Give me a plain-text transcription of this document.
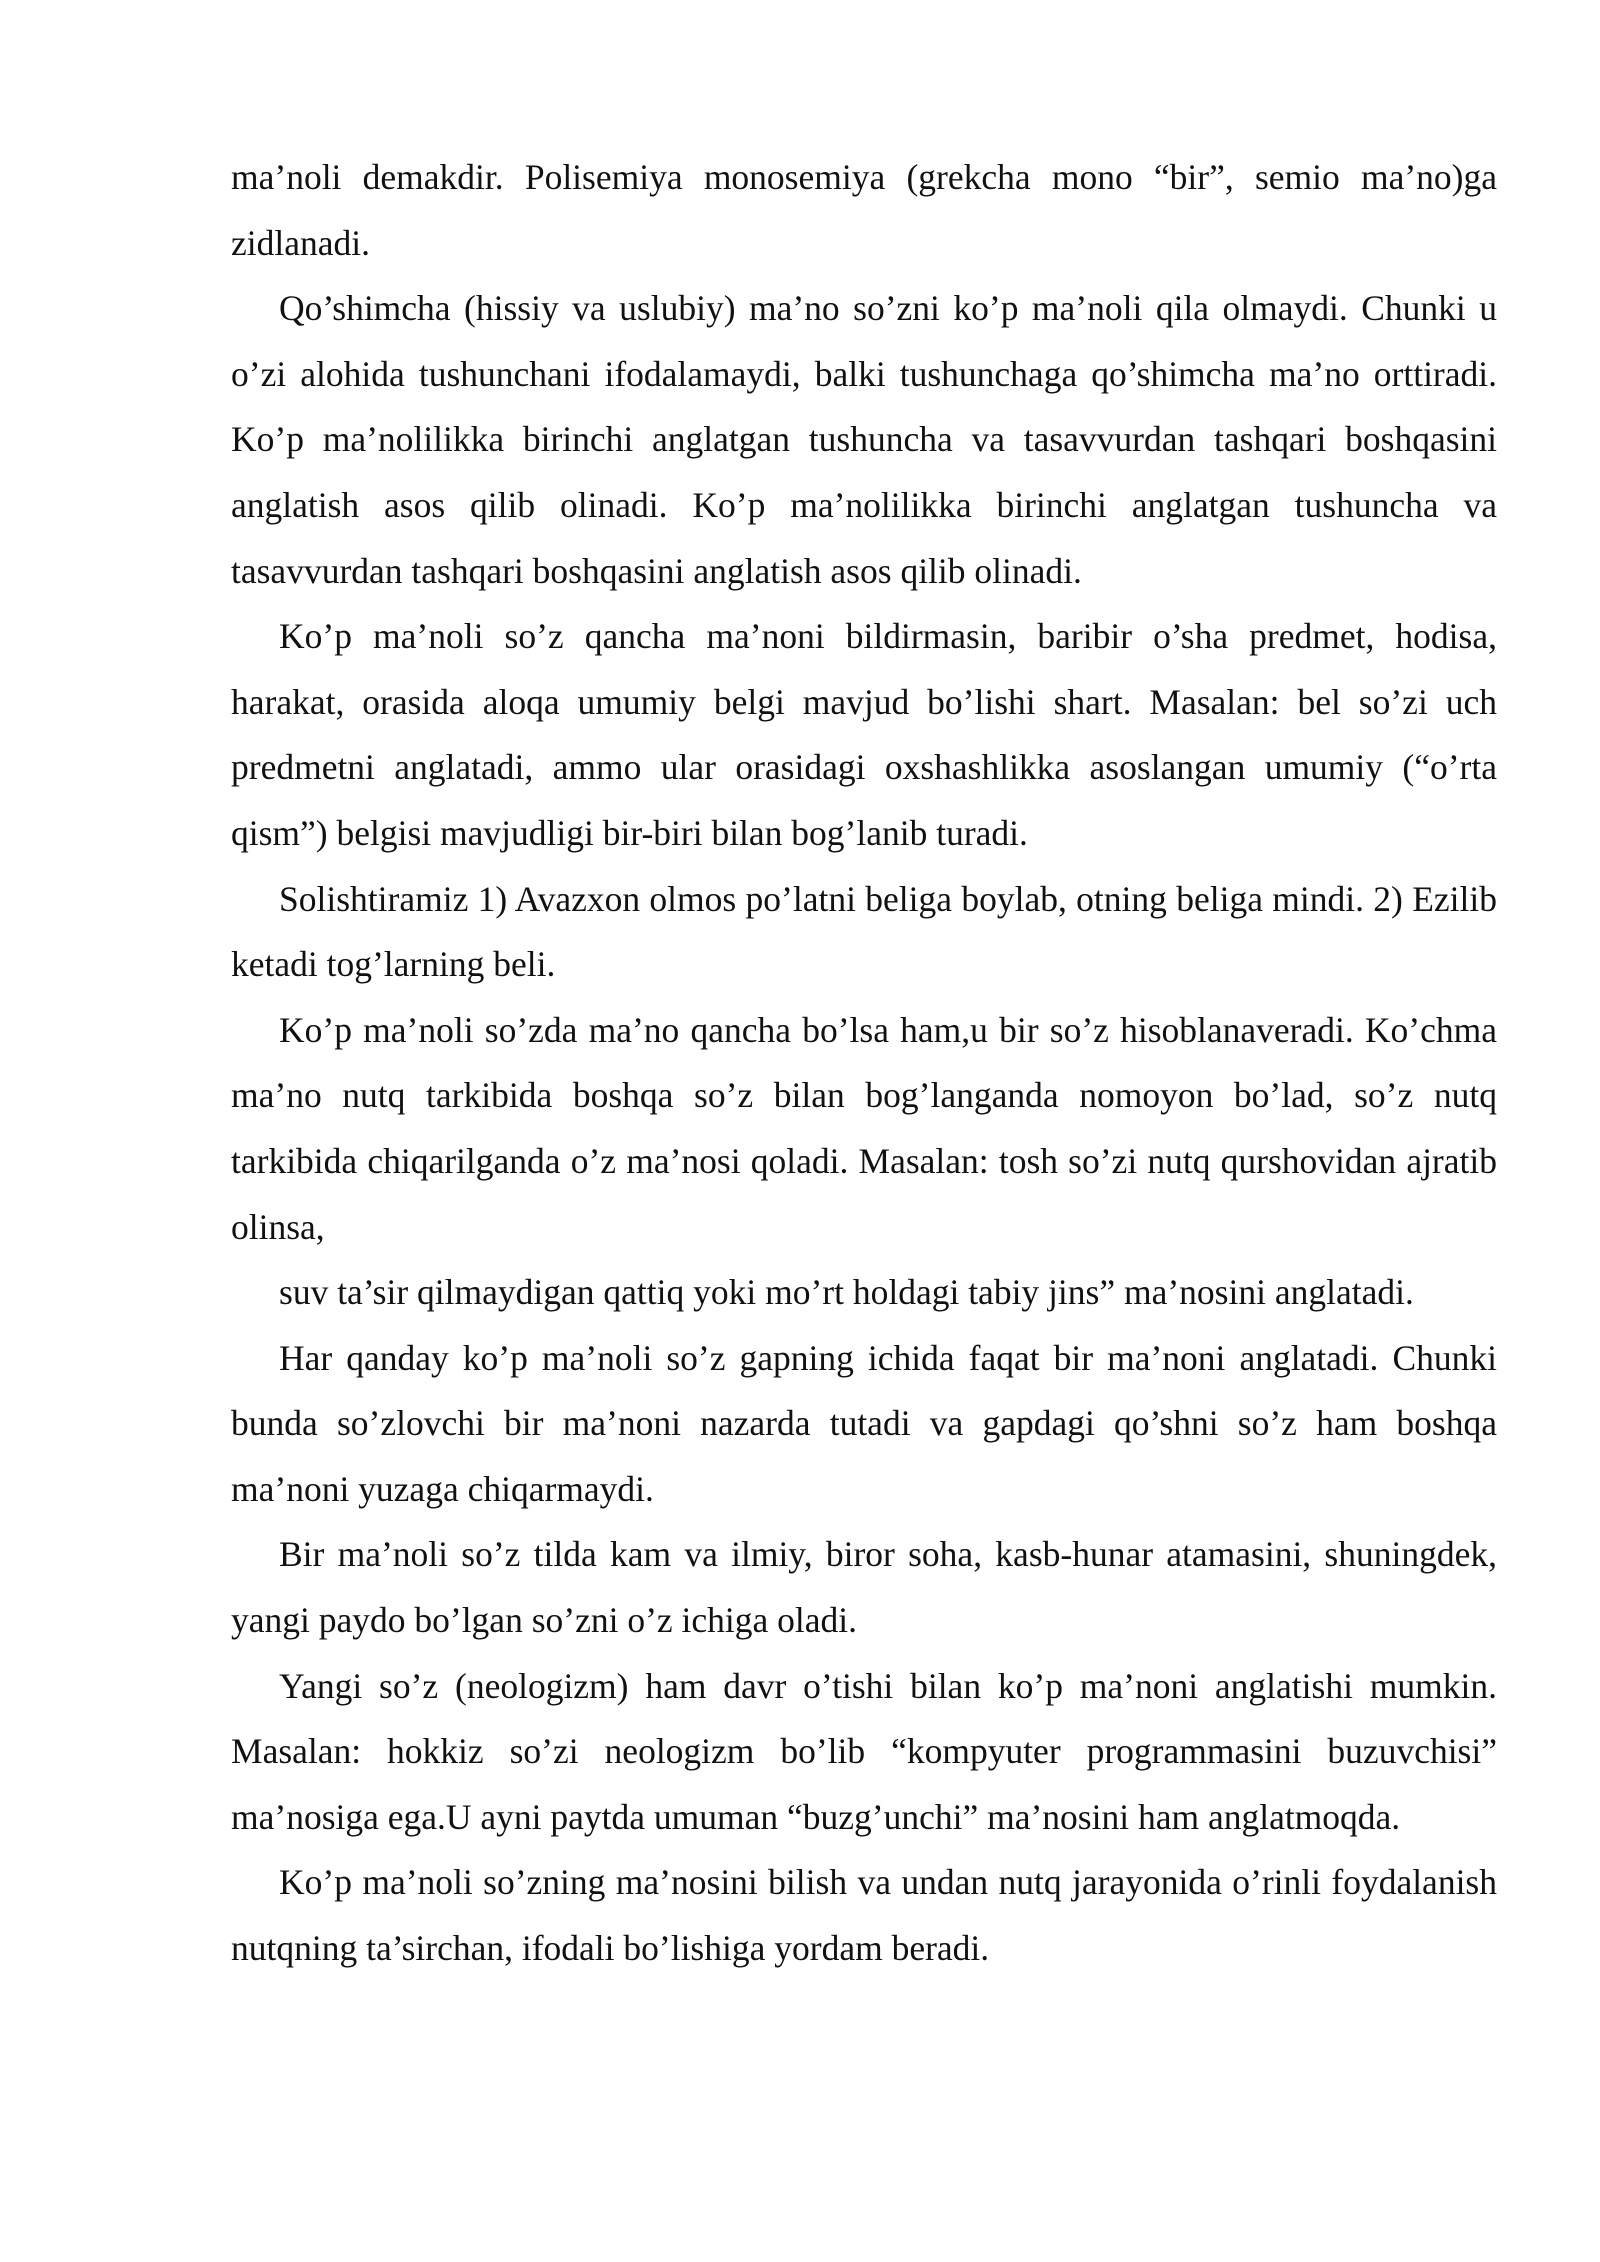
ma’noli demakdir. Polisemiya monosemiya (grekcha mono “bir”, semio ma’no)ga zidlanadi.

Qo’shimcha (hissiy va uslubiy) ma’no so’zni ko’p ma’noli qila olmaydi. Chunki u o’zi alohida tushunchani ifodalamaydi, balki tushunchaga qo’shimcha ma’no orttiradi. Ko’p ma’nolilikka birinchi anglatgan tushuncha va tasavvurdan tashqari boshqasini anglatish asos qilib olinadi. Ko’p ma’nolilikka birinchi anglatgan tushuncha va tasavvurdan tashqari boshqasini anglatish asos qilib olinadi.

Ko’p ma’noli so’z qancha ma’noni bildirmasin, baribir o’sha predmet, hodisa, harakat, orasida aloqa umumiy belgi mavjud bo’lishi shart. Masalan: bel so’zi uch predmetni anglatadi, ammo ular orasidagi oxshashlikka asoslangan umumiy (“o’rta qism”) belgisi mavjudligi bir-biri bilan bog’lanib turadi.

Solishtiramiz 1) Avazxon olmos po’latni beliga boylab, otning beliga mindi. 2) Ezilib ketadi tog’larning beli.

Ko’p ma’noli so’zda ma’no qancha bo’lsa ham,u bir so’z hisoblanaveradi. Ko’chma ma’no nutq tarkibida boshqa so’z bilan bog’langanda nomoyon bo’lad, so’z nutq tarkibida chiqarilganda o’z ma’nosi qoladi. Masalan: tosh so’zi nutq qurshovidan ajratib olinsa,

suv ta’sir qilmaydigan qattiq yoki mo’rt holdagi tabiy jins” ma’nosini anglatadi.

Har qanday ko’p ma’noli so’z gapning ichida faqat bir ma’noni anglatadi. Chunki bunda so’zlovchi bir ma’noni nazarda tutadi va gapdagi qo’shni so’z ham boshqa ma’noni yuzaga chiqarmaydi.

Bir ma’noli so’z tilda kam va ilmiy, biror soha, kasb-hunar atamasini, shuningdek, yangi paydo bo’lgan so’zni o’z ichiga oladi.

Yangi so’z (neologizm) ham davr o’tishi bilan ko’p ma’noni anglatishi mumkin. Masalan: hokkiz so’zi neologizm bo’lib “kompyuter programmasini buzuvchisi” ma’nosiga ega.U ayni paytda umuman “buzg’unchi” ma’nosini ham anglatmoqda.

Ko’p ma’noli so’zning ma’nosini bilish va undan nutq jarayonida o’rinli foydalanish nutqning ta’sirchan, ifodali bo’lishiga yordam beradi.
